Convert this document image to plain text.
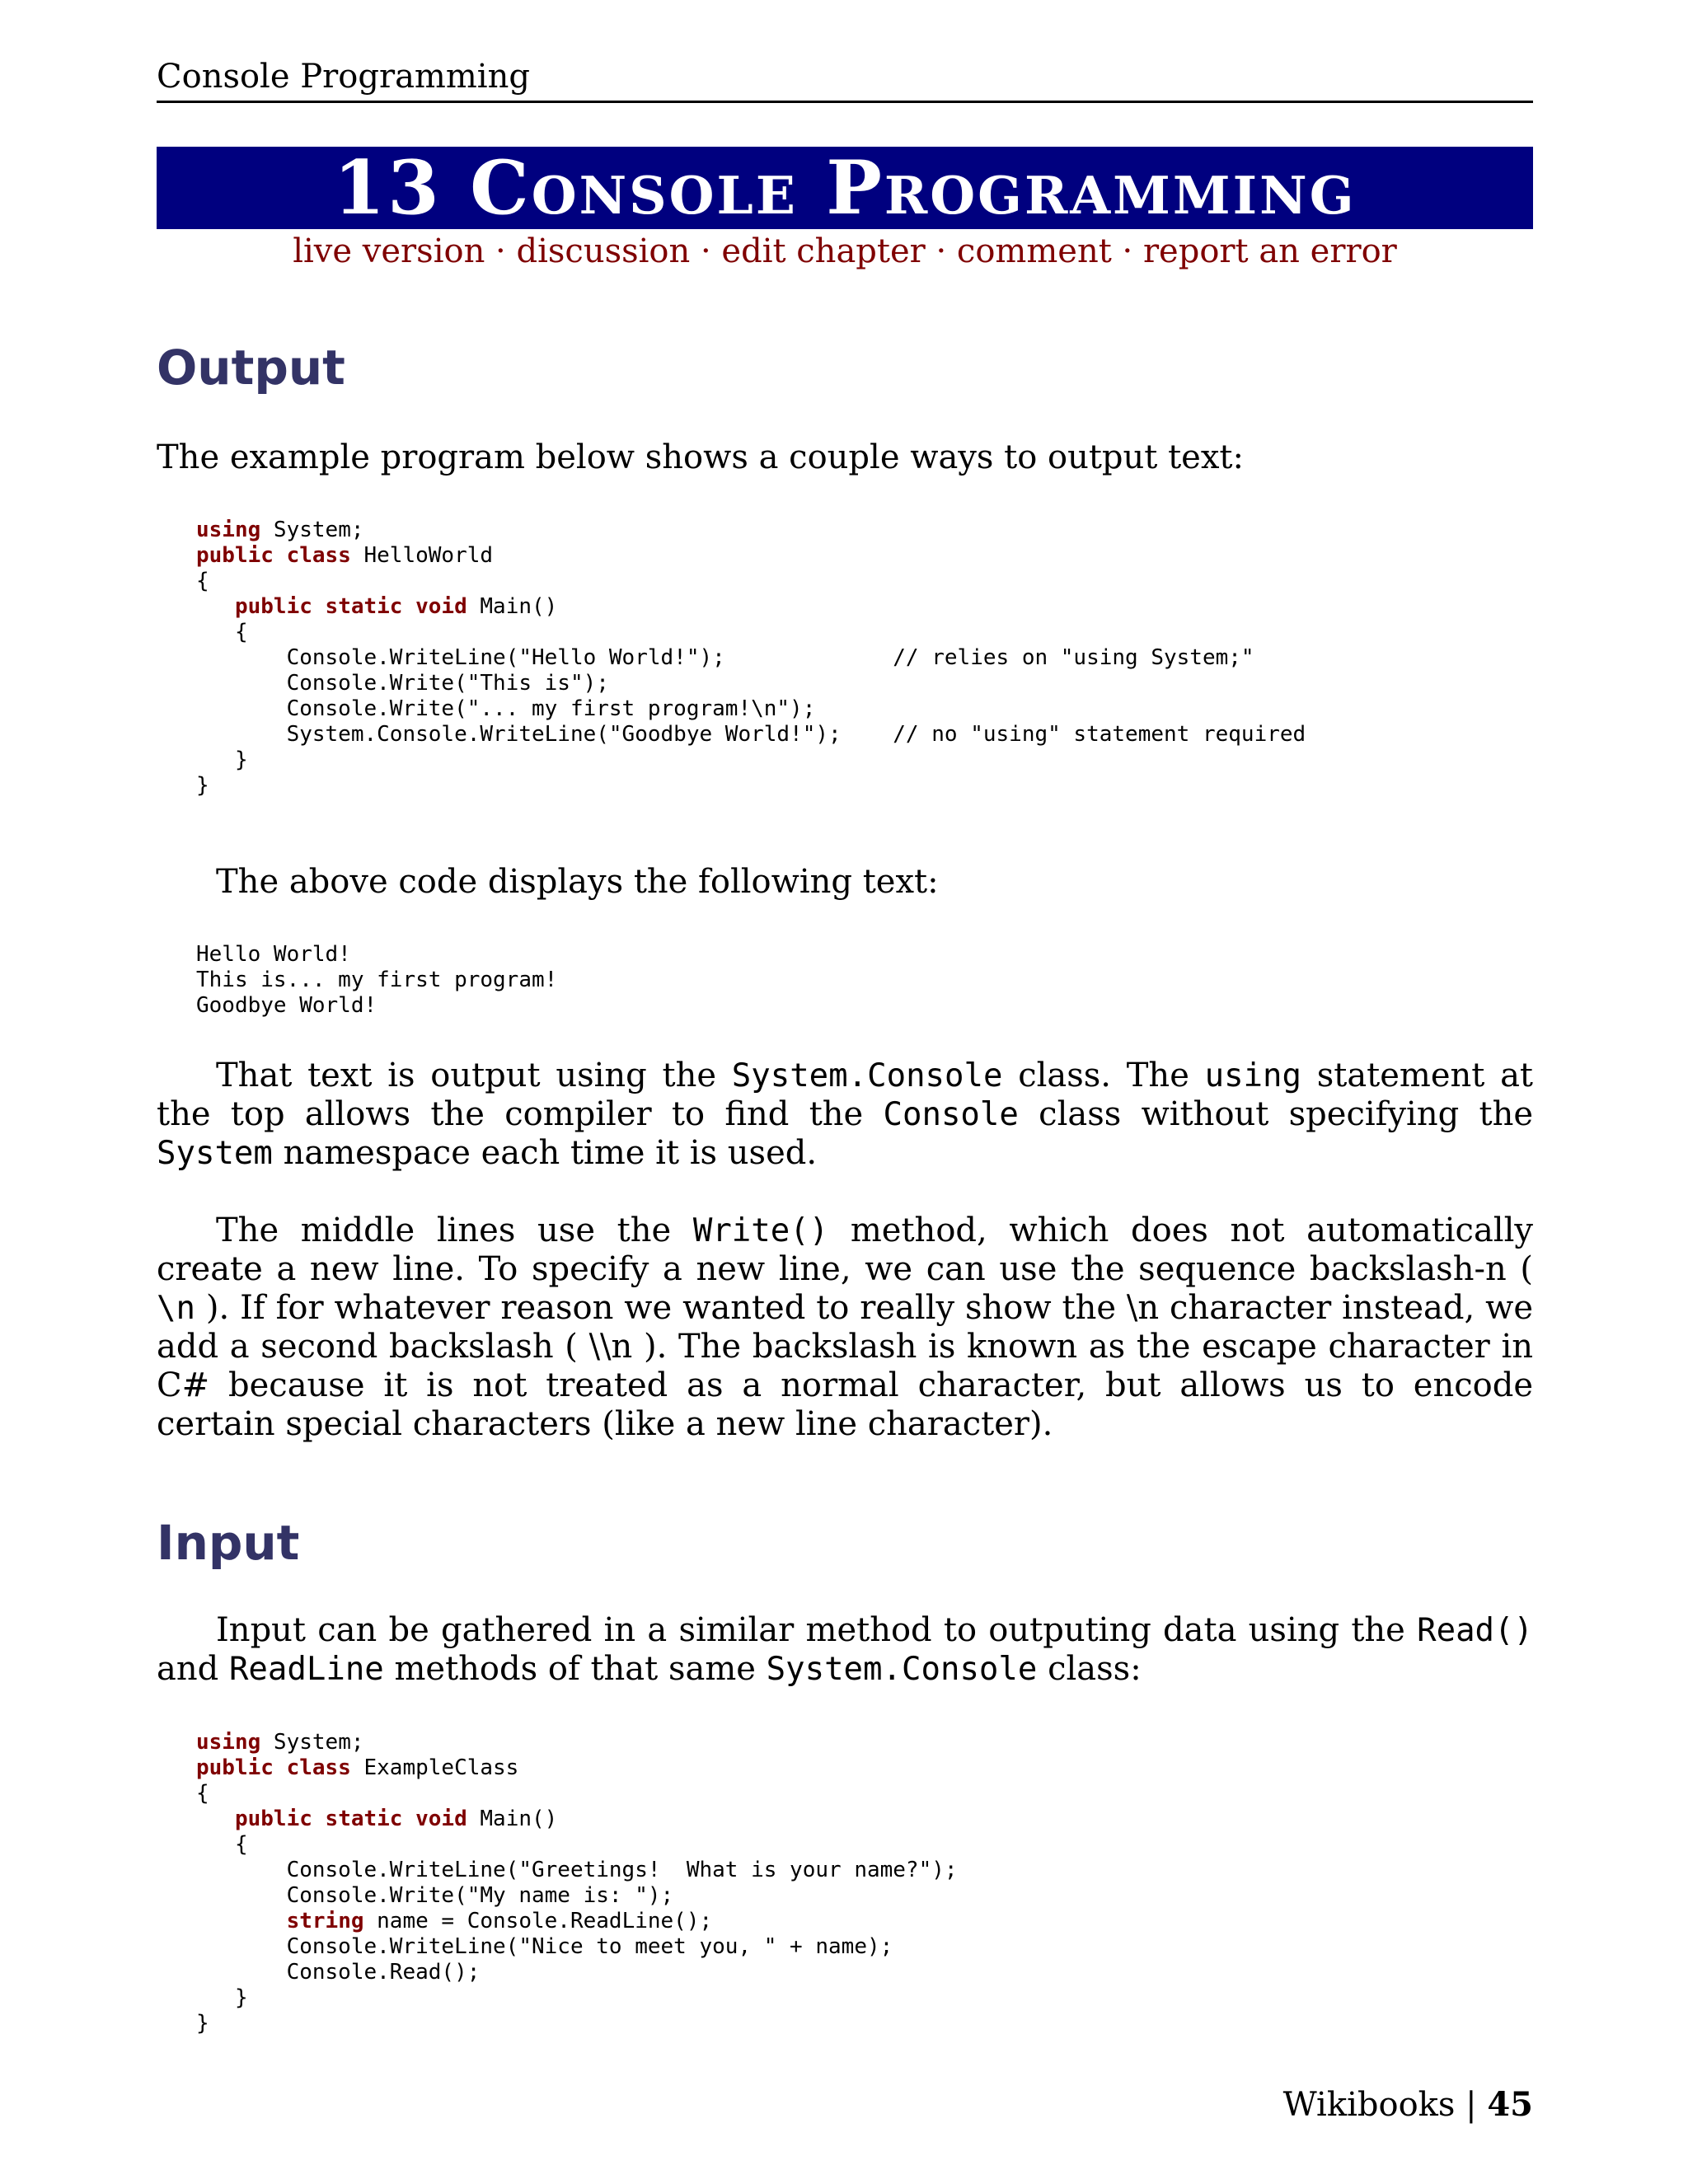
Console Programming
13 Console Programming
live version · discussion · edit chapter · comment · report an error
Output

The example program below shows a couple ways to output text:

using System;
public class HelloWorld
{
public static void Main()
{
Console.WriteLine("Hello World!");             // relies on "using System;"
Console.Write("This is");
Console.Write("... my first program!\n");
System.Console.WriteLine("Goodbye World!");    // no "using" statement required
}
}

The above code displays the following text:

Hello World!
This is... my first program!
Goodbye World!

That text is output using the System.Console class. The using statement at the top allows the compiler to find the Console class without specifying the System namespace each time it is used.

The middle lines use the Write() method, which does not automatically create a new line. To specify a new line, we can use the sequence backslash-n ( \n ). If for whatever reason we wanted to really show the \n character instead, we add a second backslash ( \\n ). The backslash is known as the escape character in C# because it is not treated as a normal character, but allows us to encode certain special characters (like a new line character).

Input

Input can be gathered in a similar method to outputing data using the Read() and ReadLine methods of that same System.Console class:

using System;
public class ExampleClass
{
public static void Main()
{
Console.WriteLine("Greetings!  What is your name?");
Console.Write("My name is: ");
string name = Console.ReadLine();
Console.WriteLine("Nice to meet you, " + name);
Console.Read();
}
}
Wikibooks | 45
